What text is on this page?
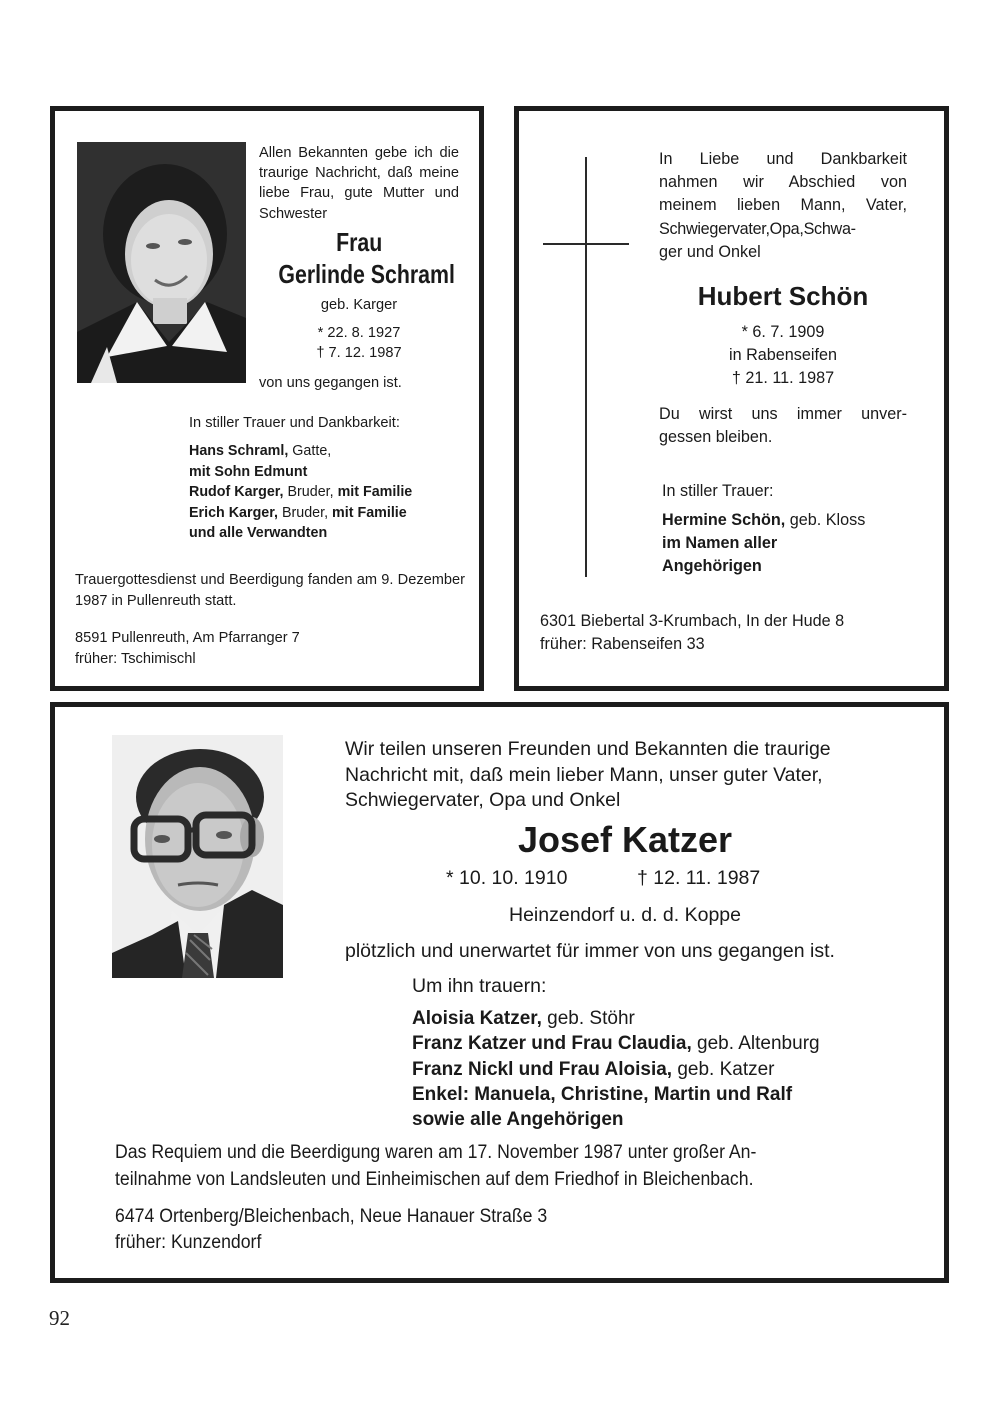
Allen Bekannten gebe ich die traurige Nachricht, daß meine liebe Frau, gute Mutter und Schwester
Frau
Gerlinde Schraml
geb. Karger
* 22. 8. 1927
† 7. 12. 1987
von uns gegangen ist.
In stiller Trauer und Dankbarkeit:
Hans Schraml, Gatte,
mit Sohn Edmunt
Rudof Karger, Bruder, mit Familie
Erich Karger, Bruder, mit Familie
und alle Verwandten
Trauergottesdienst und Beerdigung fanden am 9. Dezember 1987 in Pullenreuth statt.
8591 Pullenreuth, Am Pfarranger 7
früher: Tschimischl
In Liebe und Dankbarkeit
nahmen wir Abschied von
meinem lieben Mann, Vater,
Schwiegervater,Opa,Schwa-
ger und Onkel
Hubert Schön
* 6. 7. 1909
in Rabenseifen
† 21. 11. 1987
Du wirst uns immer unver-
gessen bleiben.
In stiller Trauer:
Hermine Schön, geb. Kloss
im Namen aller
Angehörigen
6301 Biebertal 3-Krumbach, In der Hude 8
früher: Rabenseifen 33
Wir teilen unseren Freunden und Bekannten die traurige
Nachricht mit, daß mein lieber Mann, unser guter Vater,
Schwiegervater, Opa und Onkel
Josef Katzer
* 10. 10. 1910	† 12. 11. 1987
Heinzendorf u. d. d. Koppe
plötzlich und unerwartet für immer von uns gegangen ist.
Um ihn trauern:
Aloisia Katzer, geb. Stöhr
Franz Katzer und Frau Claudia, geb. Altenburg
Franz Nickl und Frau Aloisia, geb. Katzer
Enkel: Manuela, Christine, Martin und Ralf
sowie alle Angehörigen
Das Requiem und die Beerdigung waren am 17. November 1987 unter großer An-
teilnahme von Landsleuten und Einheimischen auf dem Friedhof in Bleichenbach.
6474 Ortenberg/Bleichenbach, Neue Hanauer Straße 3
früher: Kunzendorf
92
